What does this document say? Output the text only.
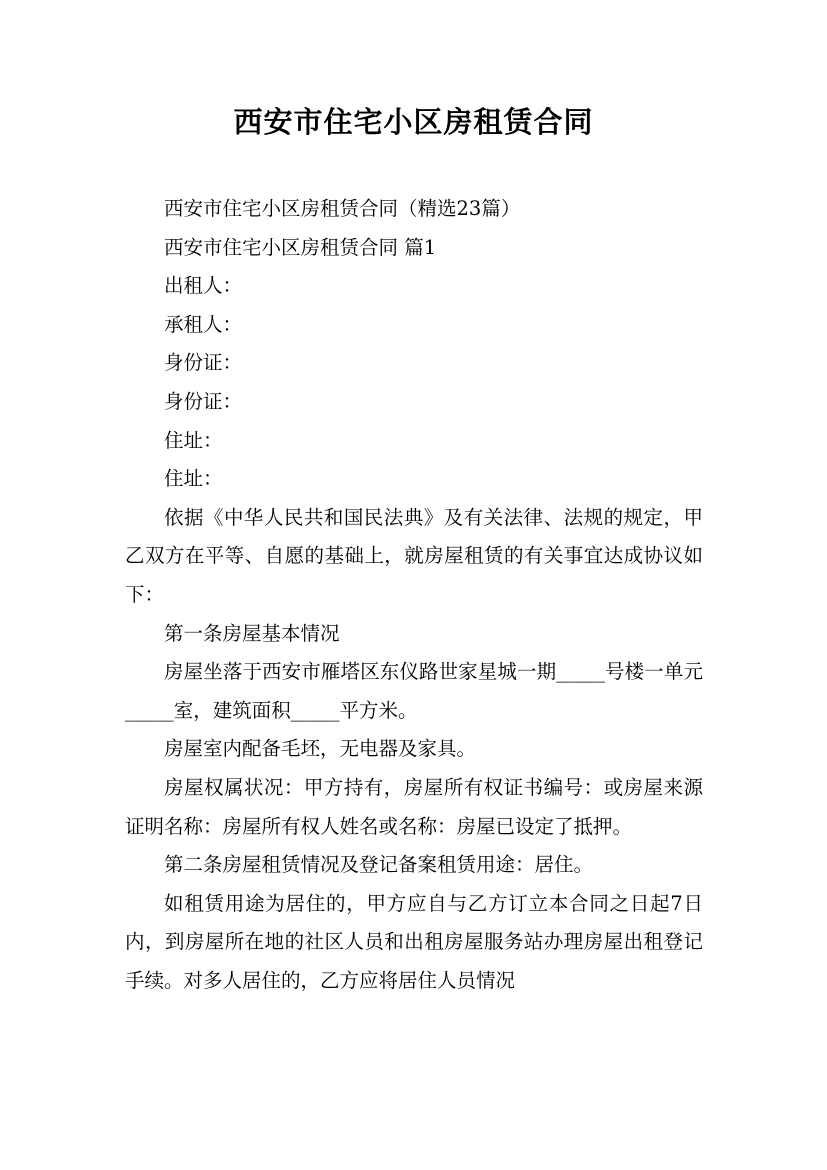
西安市住宅小区房租赁合同

西安市住宅小区房租赁合同（精选23篇）

西安市住宅小区房租赁合同 篇1

出租人：

承租人：

身份证：

身份证：

住址：

住址：

依据《中华人民共和国民法典》及有关法律、法规的规定，甲乙双方在平等、自愿的基础上，就房屋租赁的有关事宜达成协议如下：

第一条房屋基本情况

房屋坐落于西安市雁塔区东仪路世家星城一期_____号楼一单元_____室，建筑面积_____平方米。

房屋室内配备毛坯，无电器及家具。

房屋权属状况：甲方持有，房屋所有权证书编号：或房屋来源证明名称：房屋所有权人姓名或名称：房屋已设定了抵押。

第二条房屋租赁情况及登记备案租赁用途：居住。

如租赁用途为居住的，甲方应自与乙方订立本合同之日起7日内，到房屋所在地的社区人员和出租房屋服务站办理房屋出租登记手续。对多人居住的，乙方应将居住人员情况
